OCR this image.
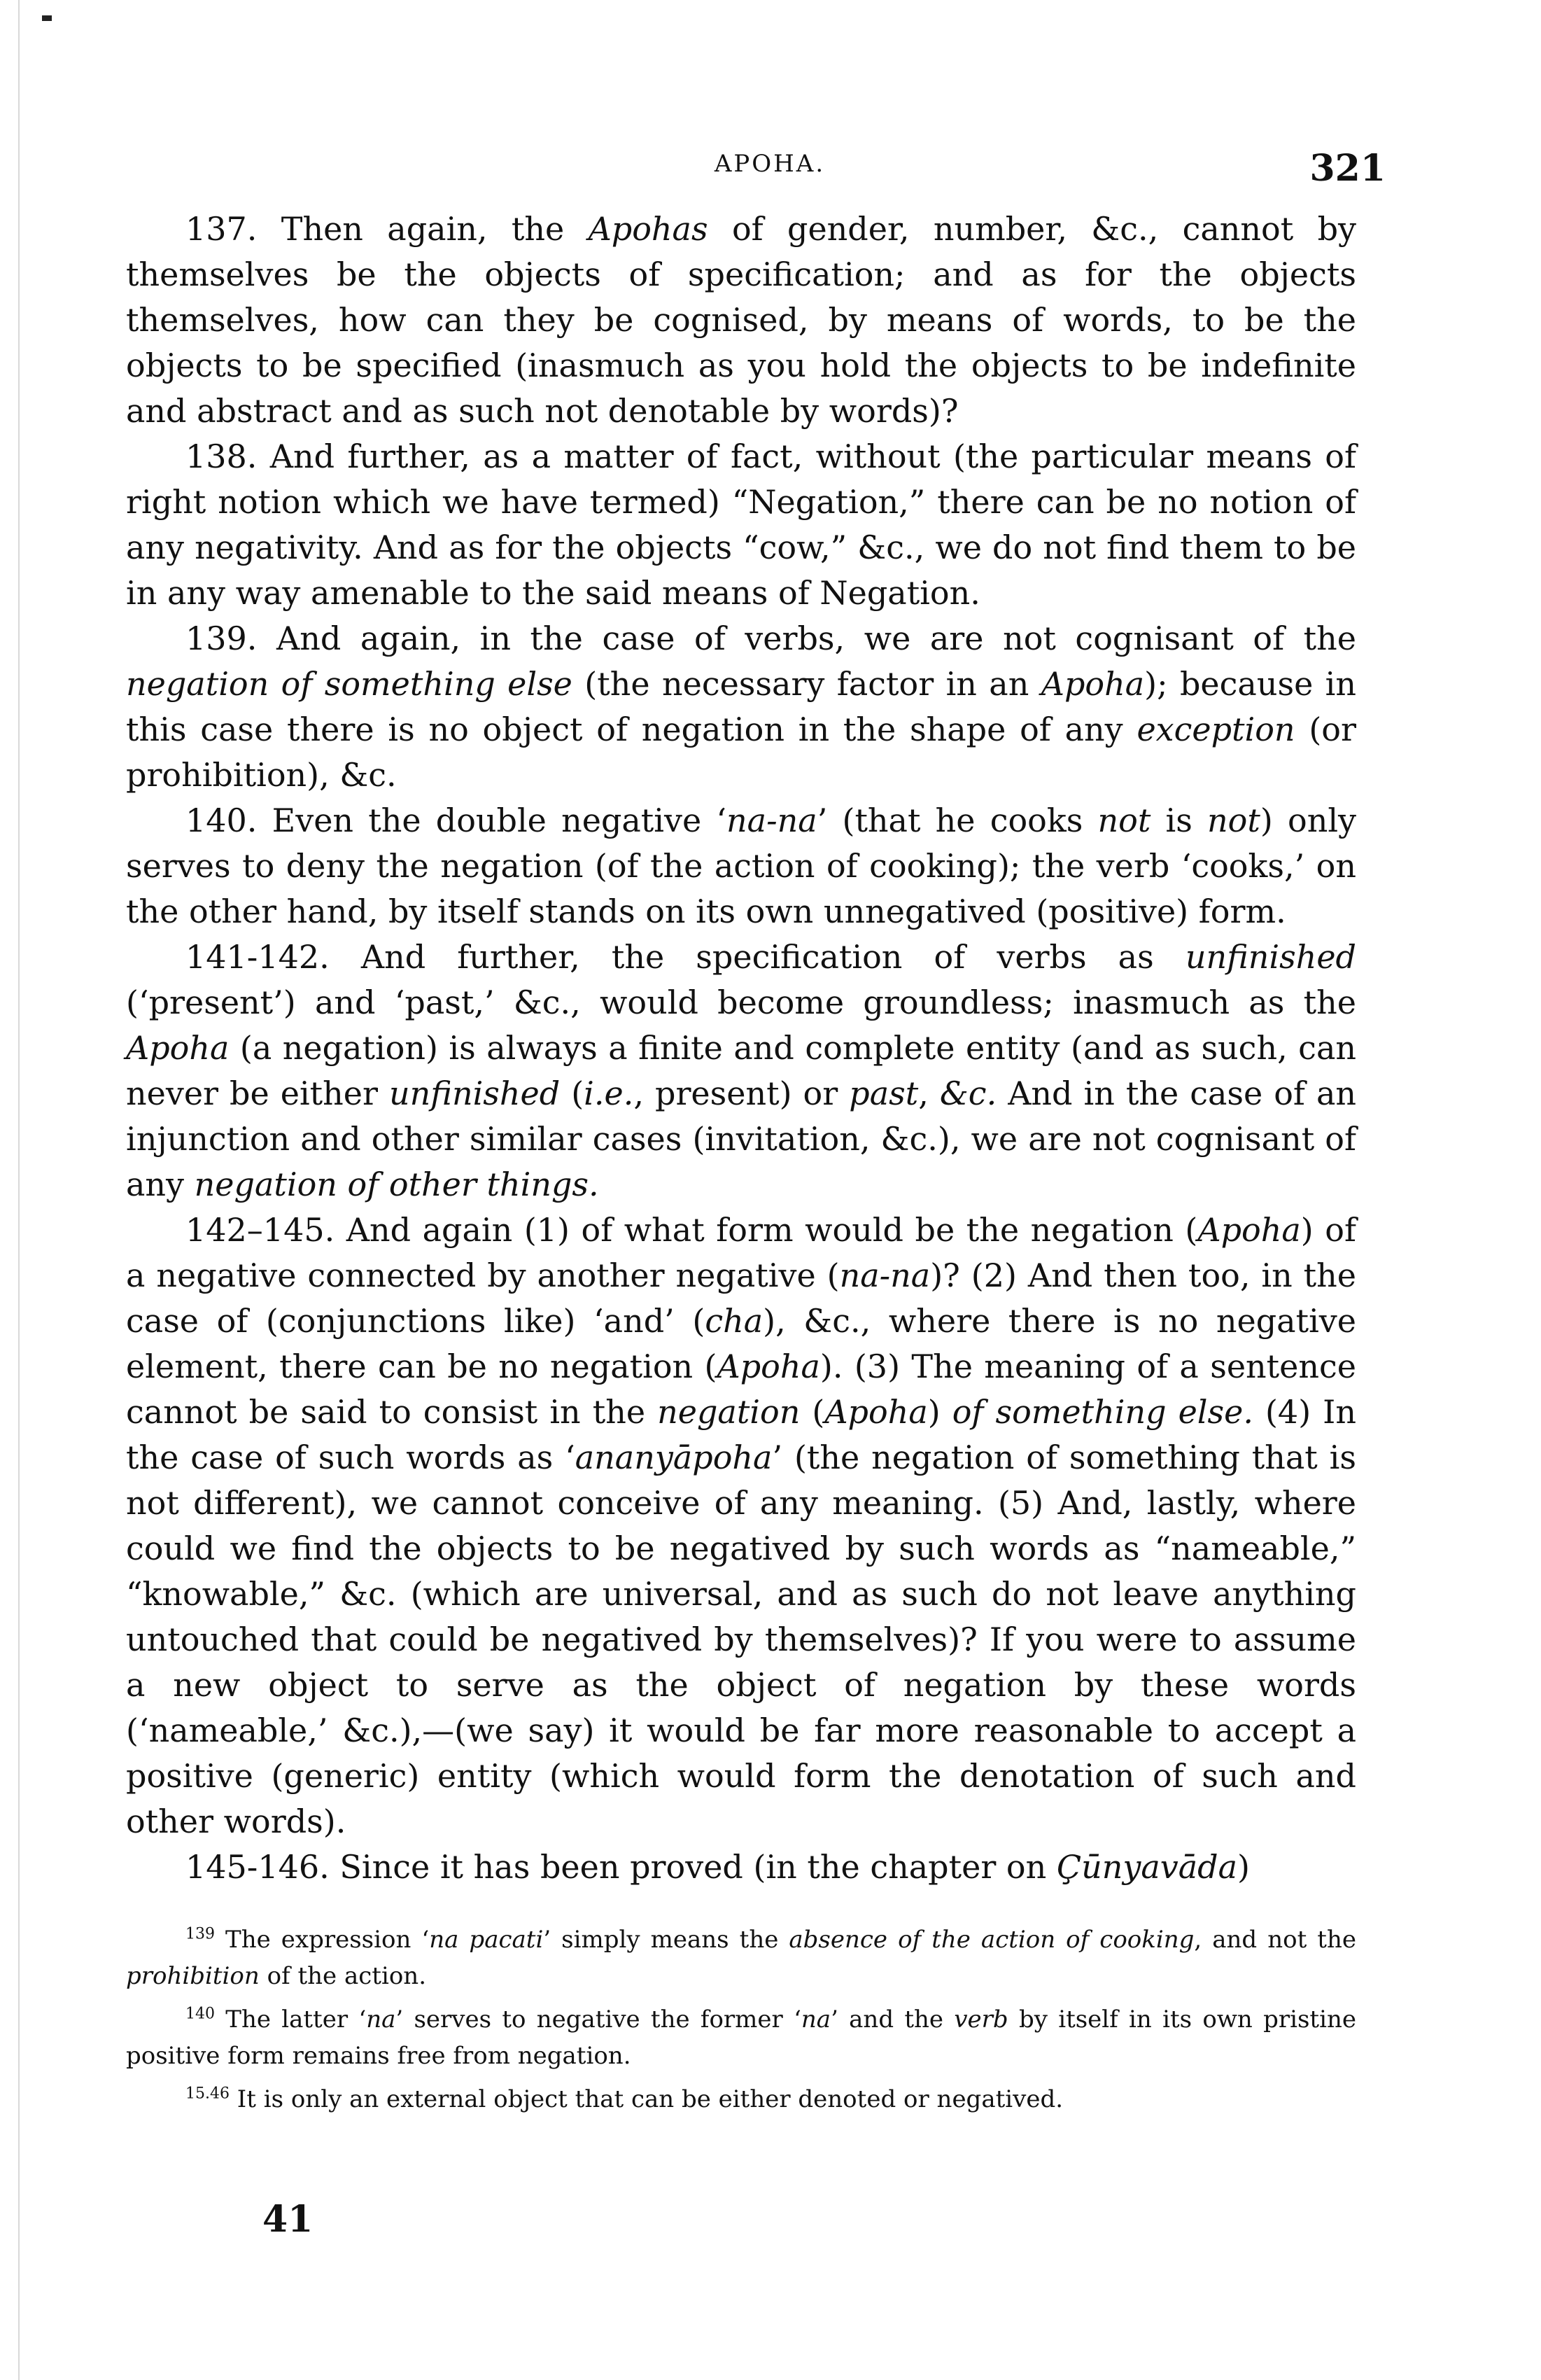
APOHA.	321

137. Then again, the Apohas of gender, number, &c., cannot by themselves be the objects of specification; and as for the objects themselves, how can they be cognised, by means of words, to be the objects to be specified (inasmuch as you hold the objects to be indefinite and abstract and as such not denotable by words)?

138. And further, as a matter of fact, without (the particular means of right notion which we have termed) “Negation,” there can be no notion of any negativity. And as for the objects “cow,” &c., we do not find them to be in any way amenable to the said means of Negation.

139. And again, in the case of verbs, we are not cognisant of the negation of something else (the necessary factor in an Apoha); because in this case there is no object of negation in the shape of any exception (or prohibition), &c.

140. Even the double negative ‘na-na’ (that he cooks not is not) only serves to deny the negation (of the action of cooking); the verb ‘cooks,’ on the other hand, by itself stands on its own unnegatived (positive) form.

141-142. And further, the specification of verbs as unfinished (‘present’) and ‘past,’ &c., would become groundless; inasmuch as the Apoha (a negation) is always a finite and complete entity (and as such, can never be either unfinished (i.e., present) or past, &c. And in the case of an injunction and other similar cases (invitation, &c.), we are not cognisant of any negation of other things.

142–145. And again (1) of what form would be the negation (Apoha) of a negative connected by another negative (na-na)? (2) And then too, in the case of (conjunctions like) ‘and’ (cha), &c., where there is no negative element, there can be no negation (Apoha). (3) The meaning of a sentence cannot be said to consist in the negation (Apoha) of something else. (4) In the case of such words as ‘ananyāpoha’ (the negation of something that is not different), we cannot conceive of any meaning. (5) And, lastly, where could we find the objects to be negatived by such words as “nameable,” “knowable,” &c. (which are universal, and as such do not leave anything untouched that could be negatived by themselves)? If you were to assume a new object to serve as the object of negation by these words (‘nameable,’ &c.),—(we say) it would be far more reasonable to accept a positive (generic) entity (which would form the denotation of such and other words).

145-146. Since it has been proved (in the chapter on Çūnyavāda)

$^{139}$ The expression ‘na pacati’ simply means the absence of the action of cooking, and not the prohibition of the action.

$^{140}$ The latter ‘na’ serves to negative the former ‘na’ and the verb by itself in its own pristine positive form remains free from negation.

$^{15.46}$ It is only an external object that can be either denoted or negatived.

41
